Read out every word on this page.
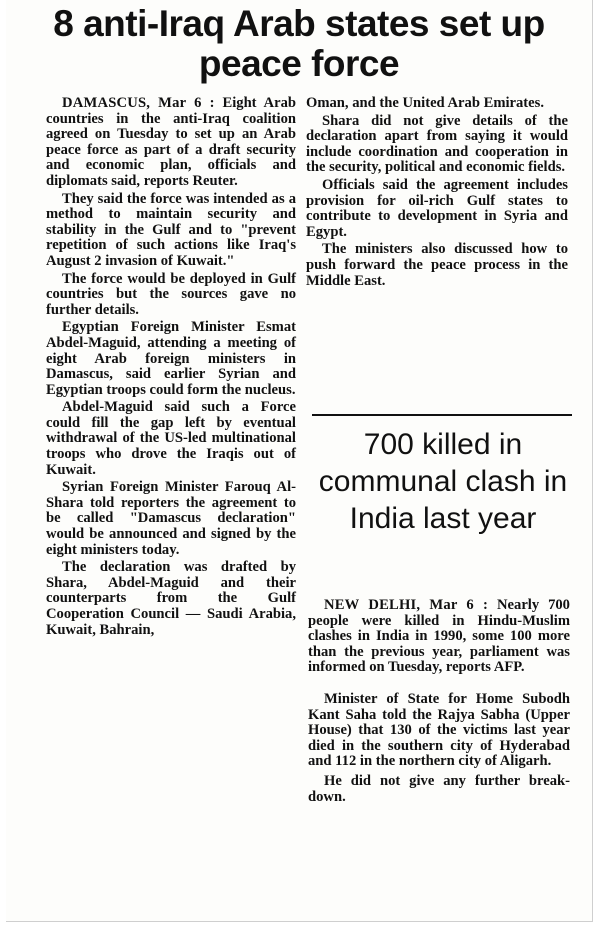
8 anti-Iraq Arab states set up peace force

DAMASCUS, Mar 6 : Eight Arab countries in the anti-Iraq coalition agreed on Tuesday to set up an Arab peace force as part of a draft security and economic plan, officials and diplomats said, reports Reuter.

They said the force was intended as a method to maintain security and stability in the Gulf and to "prevent repetition of such actions like Iraq's August 2 invasion of Kuwait."

The force would be deployed in Gulf countries but the sources gave no further details.

Egyptian Foreign Minister Esmat Abdel-Maguid, attending a meeting of eight Arab foreign ministers in Damascus, said earlier Syrian and Egyptian troops could form the nucleus.

Abdel-Maguid said such a Force could fill the gap left by eventual withdrawal of the US-led multinational troops who drove the Iraqis out of Kuwait.

Syrian Foreign Minister Farouq Al-Shara told reporters the agreement to be called "Damascus declaration" would be announced and signed by the eight ministers today.

The declaration was drafted by Shara, Abdel-Maguid and their counterparts from the Gulf Cooperation Council — Saudi Arabia, Kuwait, Bahrain,

Oman, and the United Arab Emirates.

Shara did not give details of the declaration apart from saying it would include coordination and cooperation in the security, political and economic fields.

Officials said the agreement includes provision for oil-rich Gulf states to contribute to development in Syria and Egypt.

The ministers also discussed how to push forward the peace process in the Middle East.

700 killed in communal clash in India last year

NEW DELHI, Mar 6 : Nearly 700 people were killed in Hindu-Muslim clashes in India in 1990, some 100 more than the previous year, parliament was informed on Tuesday, reports AFP.

Minister of State for Home Subodh Kant Saha told the Rajya Sabha (Upper House) that 130 of the victims last year died in the southern city of Hyderabad and 112 in the northern city of Aligarh.

He did not give any further break-down.
